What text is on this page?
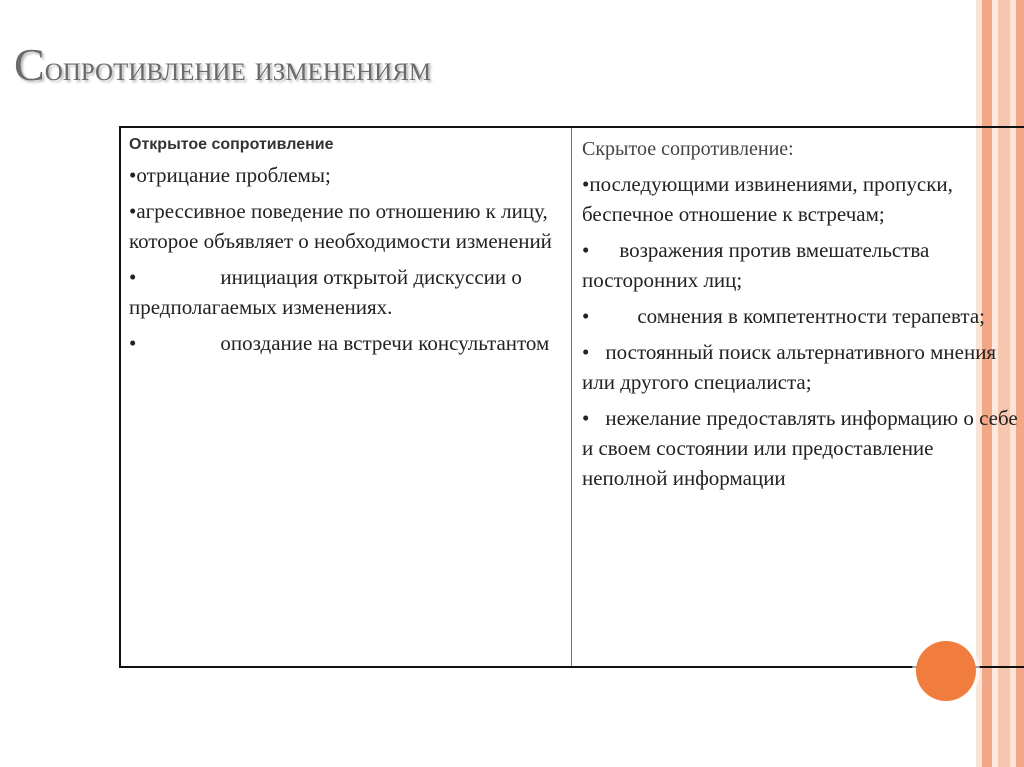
Сопротивление изменениям
Открытое сопротивление
•отрицание проблемы;
•агрессивное поведение по отношению к лицу, которое объявляет о необходимости изменений
•	инициация открытой дискуссии о предполагаемых изменениях.
•	опоздание на встречи консультантом
Скрытое сопротивление:
•последующими извинениями, пропуски, беспечное отношение к встречам;
• возражения против вмешательства посторонних лиц;
• сомнения в компетентности терапевта;
• постоянный поиск альтернативного мнения или другого специалиста;
• нежелание предоставлять информацию о себе и своем состоянии или предоставление неполной информации
